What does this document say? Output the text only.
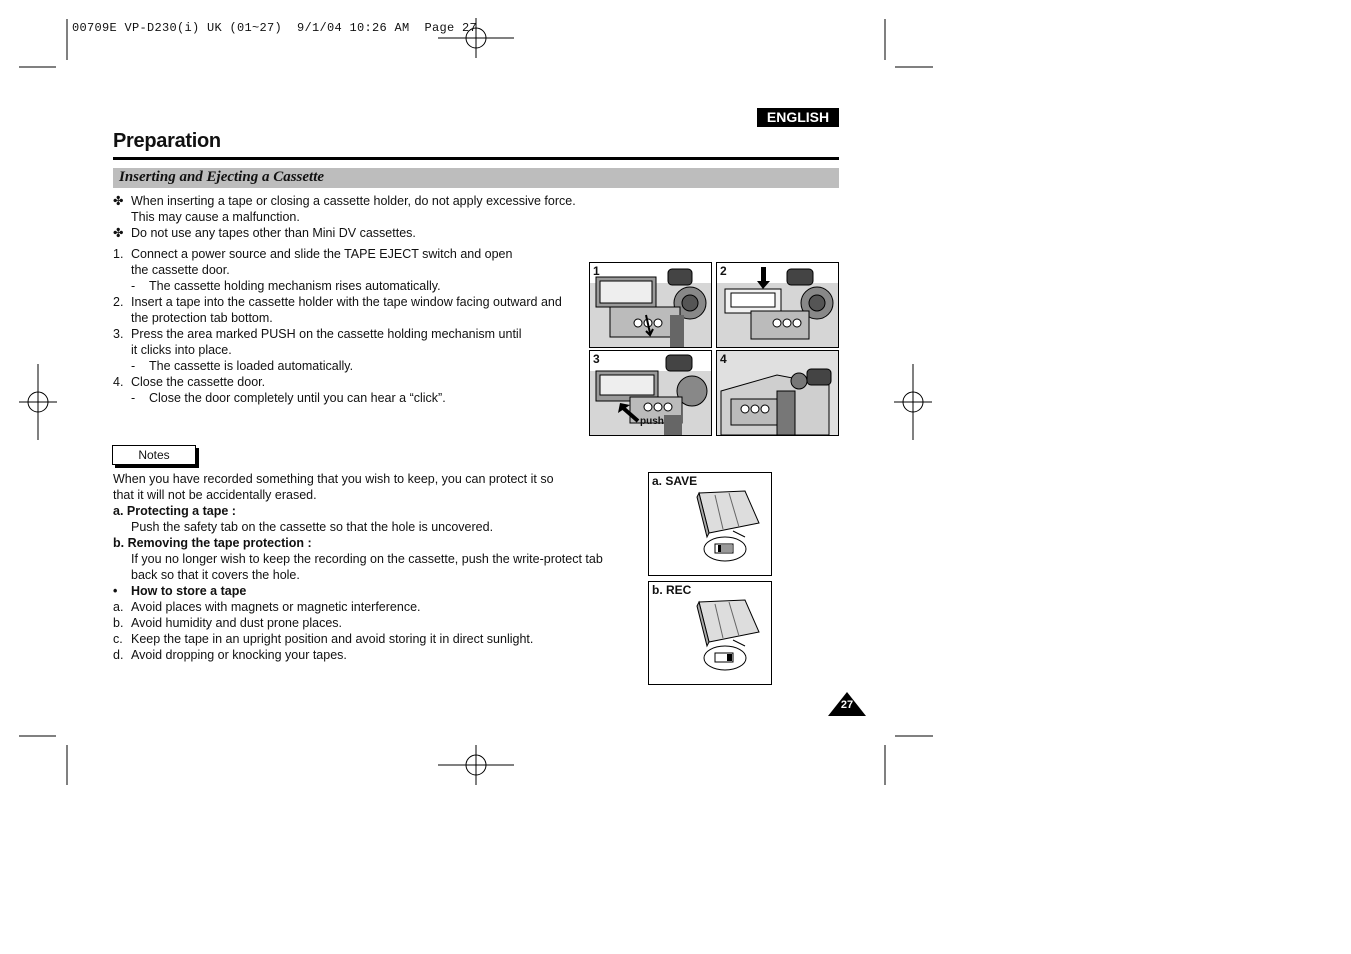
00709E VP-D230(i) UK (01~27)  9/1/04 10:26 AM  Page 27
ENGLISH
Preparation
Inserting and Ejecting a Cassette
✤ When inserting a tape or closing a cassette holder, do not apply excessive force.
This may cause a malfunction.
✤ Do not use any tapes other than Mini DV cassettes.
1. Connect a power source and slide the TAPE EJECT switch and open
the cassette door.
- The cassette holding mechanism rises automatically.
2. Insert a tape into the cassette holder with the tape window facing outward and
the protection tab bottom.
3. Press the area marked PUSH on the cassette holding mechanism until
it clicks into place.
- The cassette is loaded automatically.
4. Close the cassette door.
- Close the door completely until you can hear a “click”.
1	2
3
push
4
Notes
When you have recorded something that you wish to keep, you can protect it so
that it will not be accidentally erased.
a. Protecting a tape :
Push the safety tab on the cassette so that the hole is uncovered.
b. Removing the tape protection :
If you no longer wish to keep the recording on the cassette, push the write-protect tab
back so that it covers the hole.
• How to store a tape
a. Avoid places with magnets or magnetic interference.
b. Avoid humidity and dust prone places.
c. Keep the tape in an upright position and avoid storing it in direct sunlight.
d. Avoid dropping or knocking your tapes.
a. SAVE
b. REC
27
